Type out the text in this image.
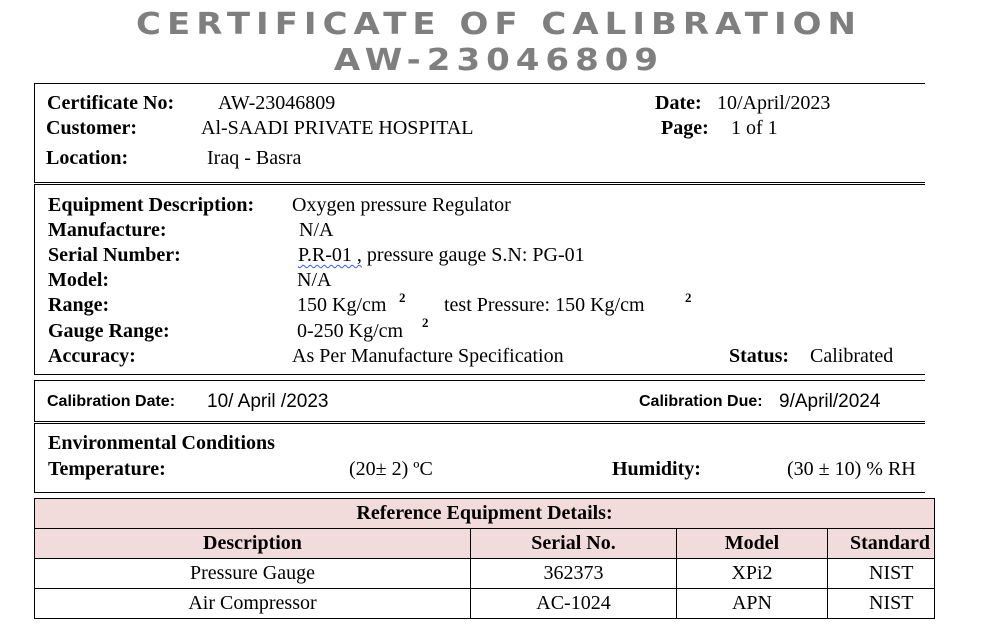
CERTIFICATE OF CALIBRATION
AW-23046809
Certificate No: AW-23046809	Date: 10/April/2023
Customer:	Al-SAADI PRIVATE HOSPITAL	Page: 1 of 1
Location:	Iraq - Basra
Equipment Description: Oxygen pressure Regulator
Manufacture:	N/A
Serial Number:	P.R-01 , pressure gauge S.N: PG-01
Model:	N/A
Range:	150 Kg/cm 2 test Pressure: 150 Kg/cm	2
Gauge Range:	0-250 Kg/cm 2
Accuracy:	As Per Manufacture Specification	Status: Calibrated
Calibration Date: 10/ April /2023	Calibration Due: 9/April/2024
Environmental Conditions
Temperature:	(20± 2) ºC	Humidity:	(30 ± 10) % RH
Reference Equipment Details:			
Description	Serial No.	Model	Standard
Pressure Gauge	362373	XPi2	NIST
Air Compressor	AC-1024	APN	NIST
